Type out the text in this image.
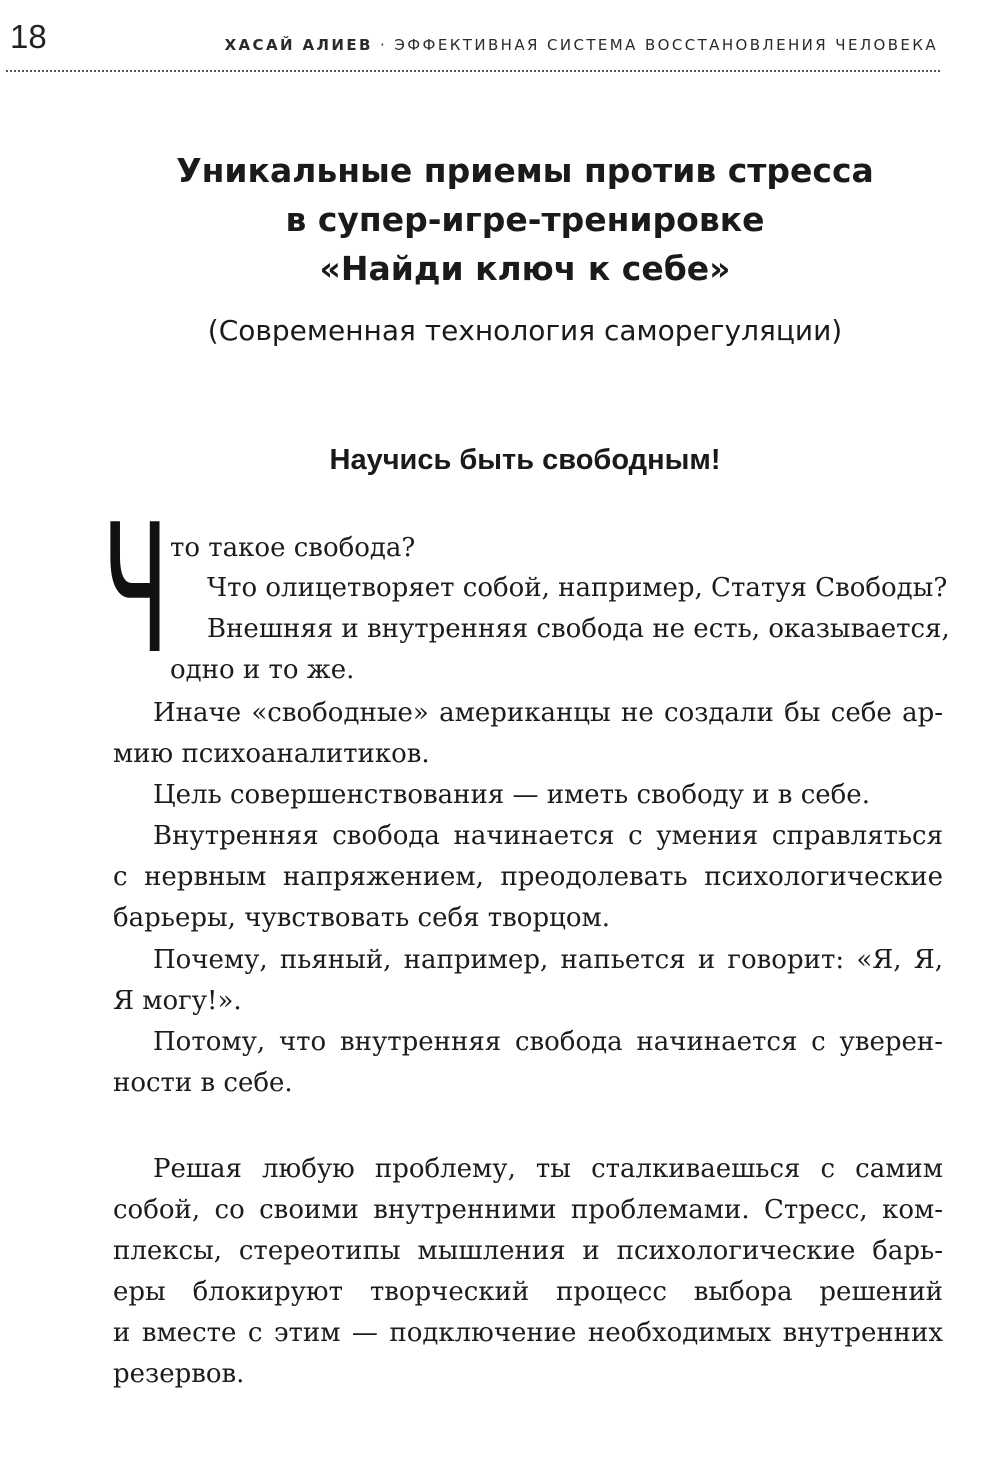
18	ХАСАЙ АЛИЕВ · ЭФФЕКТИВНАЯ СИСТЕМА ВОССТАНОВЛЕНИЯ ЧЕЛОВЕКА
Уникальные приемы против стресса
в супер-игре-тренировке
«Найди ключ к себе»
(Современная технология саморегуляции)
Научись быть свободным!
Ч то такое свобода?
Что олицетворяет собой, например, Статуя Свободы?
Внешняя и внутренняя свобода не есть, оказывается,
одно и то же.
Иначе «свободные» американцы не создали бы себе ар-
мию психоаналитиков.
Цель совершенствования — иметь свободу и в себе.
Внутренняя свобода начинается с умения справляться
с нервным напряжением, преодолевать психологические
барьеры, чувствовать себя творцом.
Почему, пьяный, например, напьется и говорит: «Я, Я,
Я могу!».
Потому, что внутренняя свобода начинается с уверен-
ности в себе.
Решая любую проблему, ты сталкиваешься с самим
собой, со своими внутренними проблемами. Стресс, ком-
плексы, стереотипы мышления и психологические барь-
еры блокируют творческий процесс выбора решений
и вместе с этим — подключение необходимых внутренних
резервов.
